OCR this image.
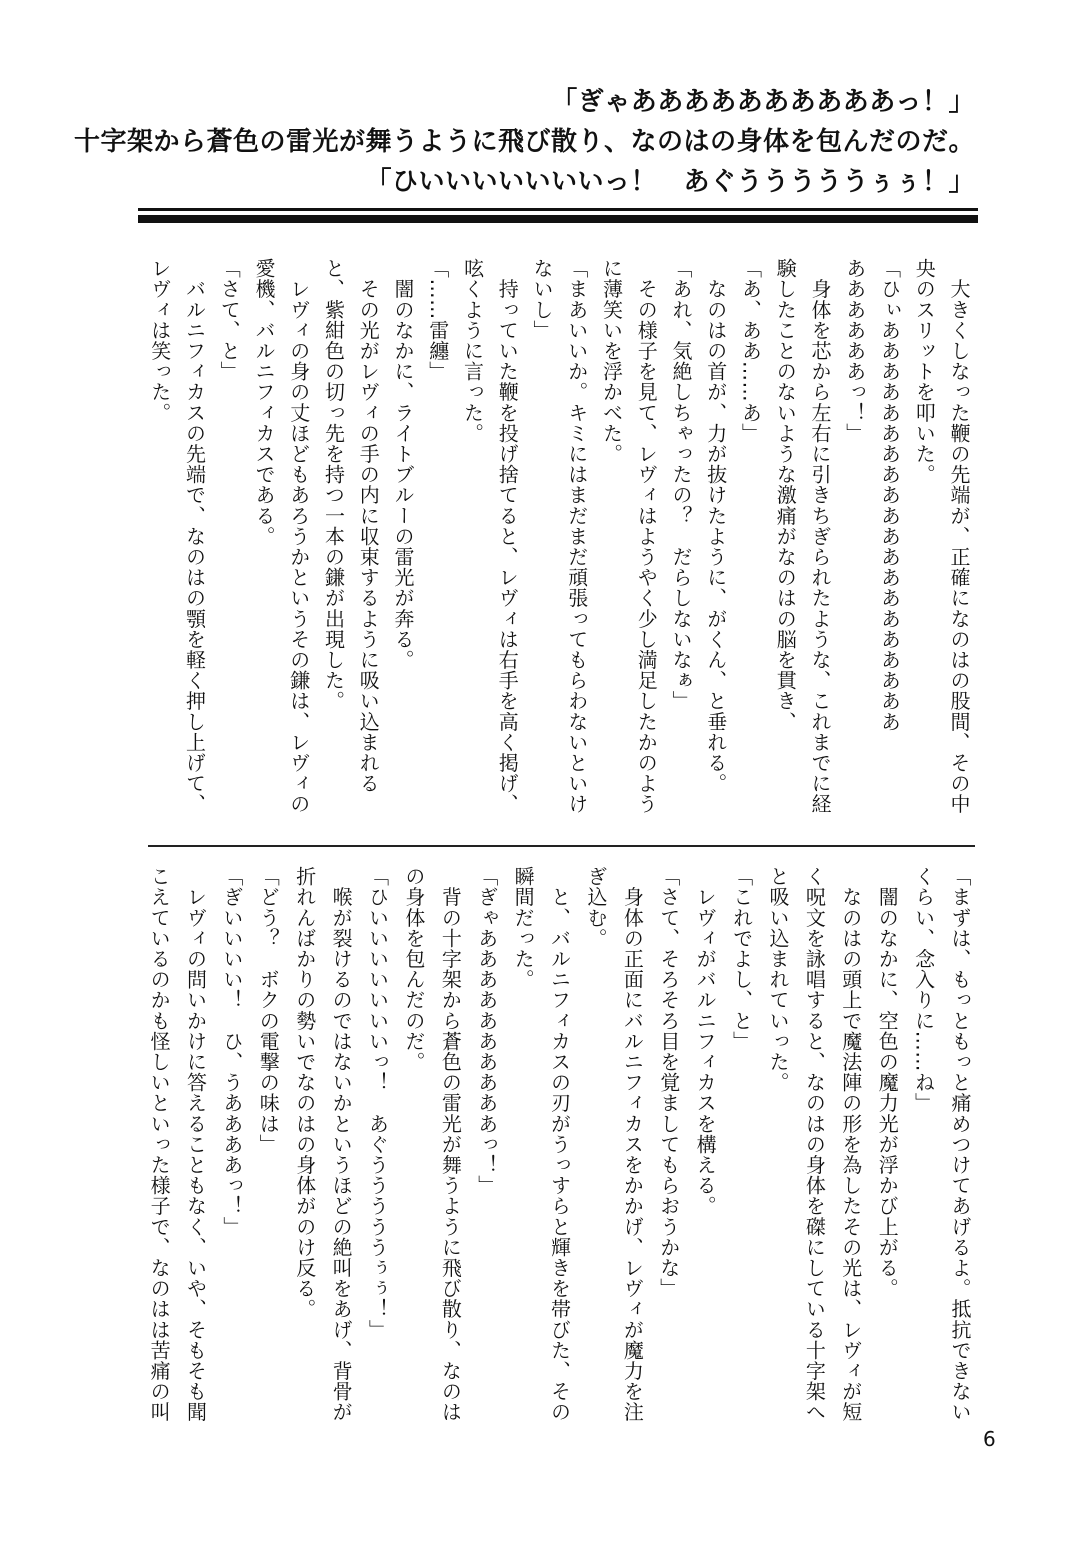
「ぎゃああああああああああっ！」
十字架から蒼色の雷光が舞うように飛び散り、なのはの身体を包んだのだ。
「ひいいいいいいいっ！　あぐうううううぅぅ！」
　大きくしなった鞭の先端が、正確になのはの股間、その中
央のスリットを叩いた。
「ひぃああああああああああああああああああああ
ああああああっ！」
　身体を芯から左右に引きちぎられたような、これまでに経
験したことのないような激痛がなのはの脳を貫き、
「あ、ああ……あ」
　なのはの首が、力が抜けたように、がくん、と垂れる。
「あれ、気絶しちゃったの？　だらしないなぁ」
　その様子を見て、レヴィはようやく少し満足したかのよう
に薄笑いを浮かべた。
「まあいいか。キミにはまだまだ頑張ってもらわないといけ
ないし」
　持っていた鞭を投げ捨てると、レヴィは右手を高く掲げ、
呟くように言った。
「……雷纏」
　闇のなかに、ライトブルーの雷光が奔る。
　その光がレヴィの手の内に収束するように吸い込まれる
と、紫紺色の切っ先を持つ一本の鎌が出現した。
　レヴィの身の丈ほどもあろうかというその鎌は、レヴィの
愛機、バルニフィカスである。
「さて、と」
　バルニフィカスの先端で、なのはの顎を軽く押し上げて、
レヴィは笑った。
「まずは、もっともっと痛めつけてあげるよ。抵抗できない
くらい、念入りに……ね」
　闇のなかに、空色の魔力光が浮かび上がる。
　なのはの頭上で魔法陣の形を為したその光は、レヴィが短
く呪文を詠唱すると、なのはの身体を磔にしている十字架へ
と吸い込まれていった。
「これでよし、と」
　レヴィがバルニフィカスを構える。
「さて、そろそろ目を覚ましてもらおうかな」
　身体の正面にバルニフィカスをかかげ、レヴィが魔力を注
ぎ込む。
　と、バルニフィカスの刃がうっすらと輝きを帯びた、その
瞬間だった。
「ぎゃああああああああああっ！」
　背の十字架から蒼色の雷光が舞うように飛び散り、なのは
の身体を包んだのだ。
「ひいいいいいいいっ！　あぐうううううぅぅ！」
　喉が裂けるのではないかというほどの絶叫をあげ、背骨が
折れんばかりの勢いでなのはの身体がのけ反る。
「どう？　ボクの電撃の味は」
「ぎいいいい！　ひ、うああああっ！」
　レヴィの問いかけに答えることもなく、いや、そもそも聞
こえているのかも怪しいといった様子で、なのはは苦痛の叫
6
